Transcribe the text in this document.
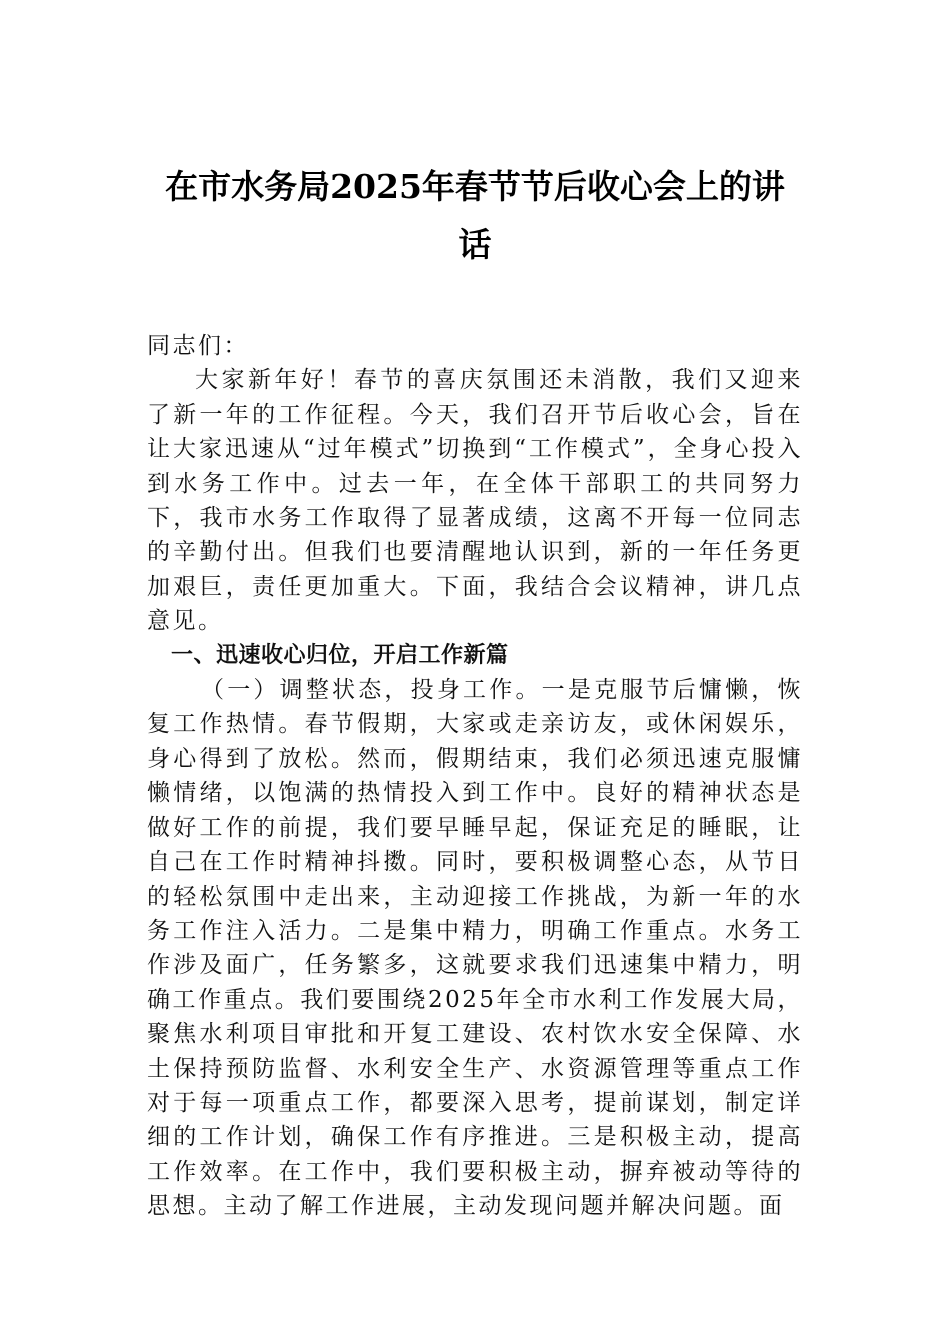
在市水务局2025年春节节后收心会上的讲
话

同志们：

大家新年好！春节的喜庆氛围还未消散，我们又迎来了新一年的工作征程。今天，我们召开节后收心会，旨在让大家迅速从“过年模式”切换到“工作模式”，全身心投入到水务工作中。过去一年，在全体干部职工的共同努力下，我市水务工作取得了显著成绩，这离不开每一位同志的辛勤付出。但我们也要清醒地认识到，新的一年任务更加艰巨，责任更加重大。下面，我结合会议精神，讲几点意见。

一、迅速收心归位，开启工作新篇

（一）调整状态，投身工作。一是克服节后慵懒，恢复工作热情。春节假期，大家或走亲访友，或休闲娱乐，身心得到了放松。然而，假期结束，我们必须迅速克服慵懒情绪，以饱满的热情投入到工作中。良好的精神状态是做好工作的前提，我们要早睡早起，保证充足的睡眠，让自己在工作时精神抖擞。同时，要积极调整心态，从节日的轻松氛围中走出来，主动迎接工作挑战，为新一年的水务工作注入活力。二是集中精力，明确工作重点。水务工作涉及面广，任务繁多，这就要求我们迅速集中精力，明确工作重点。我们要围绕2025年全市水利工作发展大局，聚焦水利项目审批和开复工建设、农村饮水安全保障、水土保持预防监督、水利安全生产、水资源管理等重点工作对于每一项重点工作，都要深入思考，提前谋划，制定详细的工作计划，确保工作有序推进。三是积极主动，提高工作效率。在工作中，我们要积极主动，摒弃被动等待的思想。主动了解工作进展，主动发现问题并解决问题。面
